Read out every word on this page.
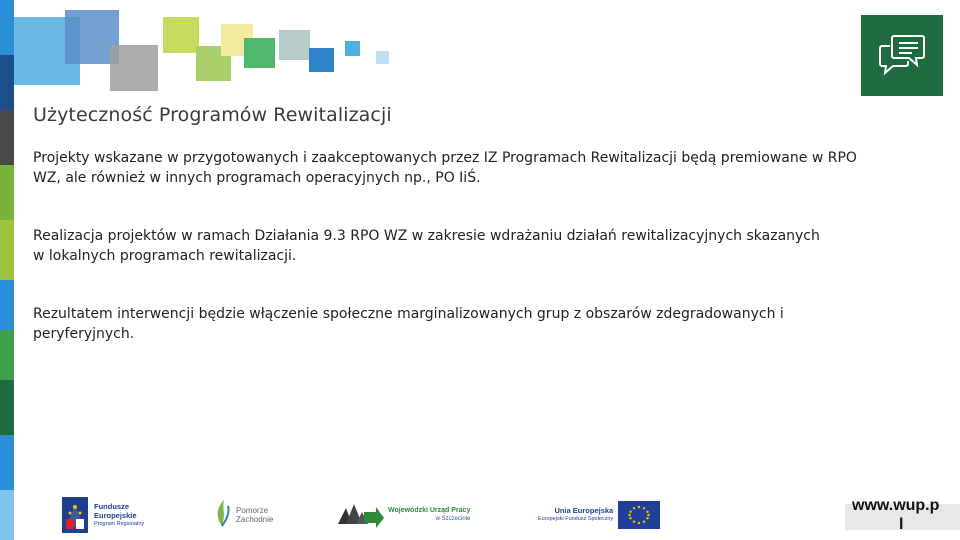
Użyteczność Programów Rewitalizacji
Projekty wskazane w przygotowanych i zaakceptowanych przez IZ Programach Rewitalizacji będą premiowane w RPO
WZ, ale również w innych programach operacyjnych np., PO IiŚ.
Realizacja projektów w ramach Działania 9.3 RPO WZ w zakresie wdrażaniu działań rewitalizacyjnych skazanych
w lokalnych programach rewitalizacji.
Rezultatem interwencji będzie włączenie społeczne marginalizowanych grup z obszarów zdegradowanych i
peryferyjnych.
Fundusze
Europejskie
Program Regionalny
Pomorze
Zachodnie
Wojewódzki Urząd Pracy
w Szczecinie
Unia Europejska
Europejski Fundusz Społeczny
www.wup.p
l
